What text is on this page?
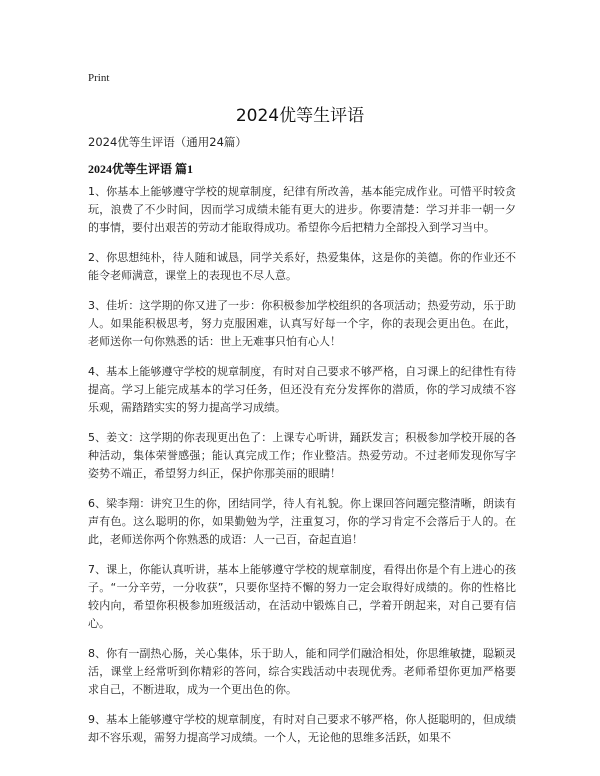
Print
2024优等生评语
2024优等生评语（通用24篇）
2024优等生评语 篇1

1、你基本上能够遵守学校的规章制度，纪律有所改善，基本能完成作业。可惜平时较贪玩，浪费了不少时间，因而学习成绩未能有更大的进步。你要清楚：学习并非一朝一夕的事情，要付出艰苦的劳动才能取得成功。希望你今后把精力全部投入到学习当中。

2、你思想纯朴，待人随和诚恳，同学关系好，热爱集体，这是你的美德。你的作业还不能令老师满意，课堂上的表现也不尽人意。

3、佳圻：这学期的你又进了一步：你积极参加学校组织的各项活动；热爱劳动，乐于助人。如果能积极思考，努力克服困难，认真写好每一个字，你的表现会更出色。在此，老师送你一句你熟悉的话：世上无难事只怕有心人！

4、基本上能够遵守学校的规章制度，有时对自己要求不够严格，自习课上的纪律性有待提高。学习上能完成基本的学习任务，但还没有充分发挥你的潜质，你的学习成绩不容乐观，需踏踏实实的努力提高学习成绩。

5、姜文：这学期的你表现更出色了：上课专心听讲，踊跃发言；积极参加学校开展的各种活动，集体荣誉感强；能认真完成工作；作业整洁。热爱劳动。不过老师发现你写字姿势不端正，希望努力纠正，保护你那美丽的眼睛！

6、梁李翔：讲究卫生的你，团结同学，待人有礼貌。你上课回答问题完整清晰，朗读有声有色。这么聪明的你，如果勤勉为学，注重复习，你的学习肯定不会落后于人的。在此，老师送你两个你熟悉的成语：人一己百，奋起直追！

7、课上，你能认真听讲，基本上能够遵守学校的规章制度，看得出你是个有上进心的孩子。“一分辛劳，一分收获”，只要你坚持不懈的努力一定会取得好成绩的。你的性格比较内向，希望你积极参加班级活动，在活动中锻炼自己，学着开朗起来，对自己要有信心。

8、你有一副热心肠，关心集体，乐于助人，能和同学们融洽相处，你思维敏捷，聪颖灵活，课堂上经常听到你精彩的答问，综合实践活动中表现优秀。老师希望你更加严格要求自己，不断进取，成为一个更出色的你。

9、基本上能够遵守学校的规章制度，有时对自己要求不够严格，你人挺聪明的，但成绩却不容乐观，需努力提高学习成绩。一个人，无论他的思维多活跃，如果不
